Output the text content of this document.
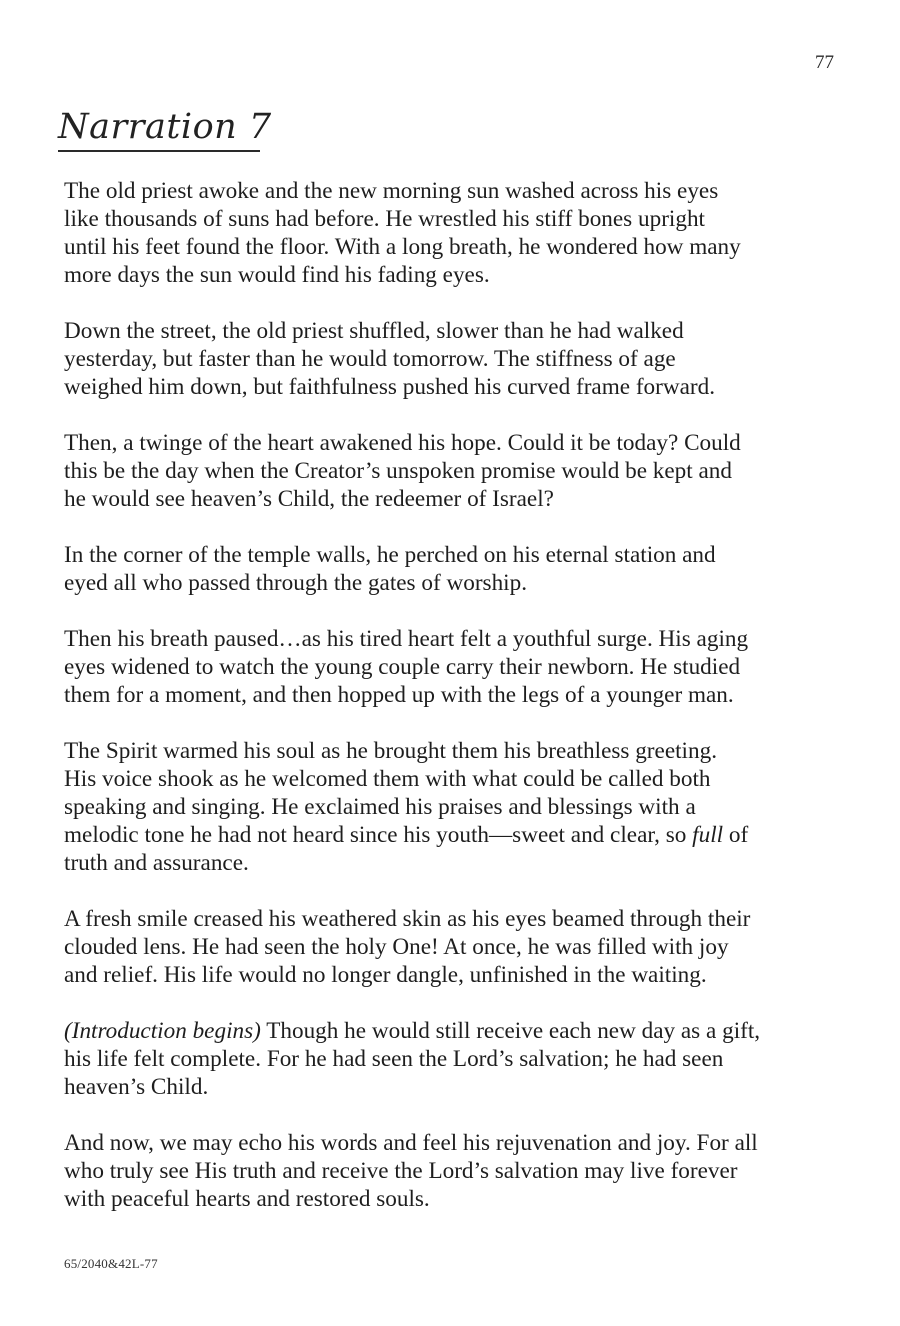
77
Narration 7

The old priest awoke and the new morning sun washed across his eyes
like thousands of suns had before. He wrestled his stiff bones upright
until his feet found the floor. With a long breath, he wondered how many
more days the sun would find his fading eyes.

Down the street, the old priest shuffled, slower than he had walked
yesterday, but faster than he would tomorrow. The stiffness of age
weighed him down, but faithfulness pushed his curved frame forward.

Then, a twinge of the heart awakened his hope. Could it be today? Could
this be the day when the Creator’s unspoken promise would be kept and
he would see heaven’s Child, the redeemer of Israel?

In the corner of the temple walls, he perched on his eternal station and
eyed all who passed through the gates of worship.

Then his breath paused…as his tired heart felt a youthful surge. His aging
eyes widened to watch the young couple carry their newborn. He studied
them for a moment, and then hopped up with the legs of a younger man.

The Spirit warmed his soul as he brought them his breathless greeting.
His voice shook as he welcomed them with what could be called both
speaking and singing. He exclaimed his praises and blessings with a
melodic tone he had not heard since his youth—sweet and clear, so full of
truth and assurance.

A fresh smile creased his weathered skin as his eyes beamed through their
clouded lens. He had seen the holy One! At once, he was filled with joy
and relief. His life would no longer dangle, unfinished in the waiting.

(Introduction begins) Though he would still receive each new day as a gift,
his life felt complete. For he had seen the Lord’s salvation; he had seen
heaven’s Child.

And now, we may echo his words and feel his rejuvenation and joy. For all
who truly see His truth and receive the Lord’s salvation may live forever
with peaceful hearts and restored souls.

65/2040&42L-77
